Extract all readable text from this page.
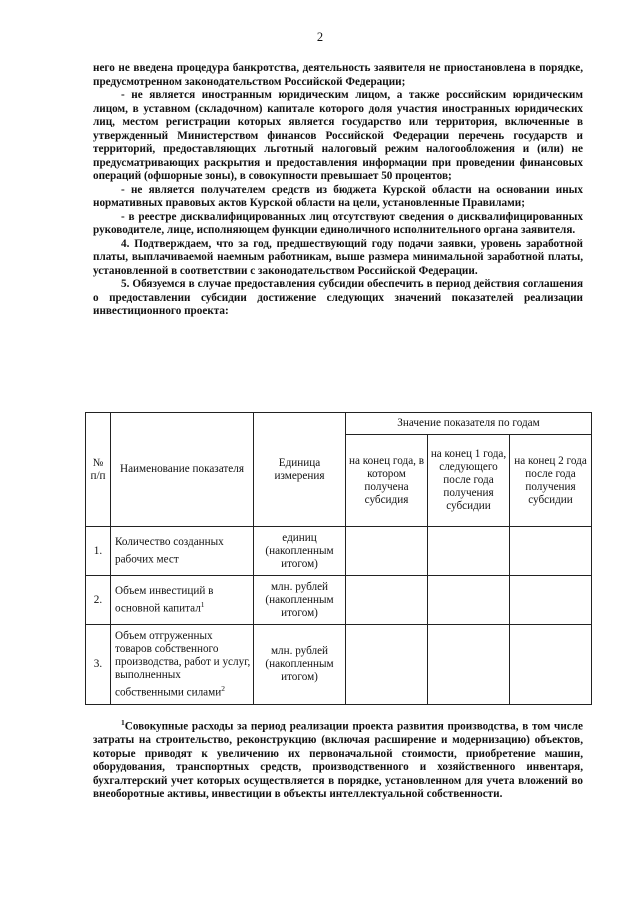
2

него не введена процедура банкротства, деятельность заявителя не приостановлена в порядке, предусмотренном законодательством Российской Федерации;

- не является иностранным юридическим лицом, а также российским юридическим лицом, в уставном (складочном) капитале которого доля участия иностранных юридических лиц, местом регистрации которых является государство или территория, включенные в утвержденный Министерством финансов Российской Федерации перечень государств и территорий, предоставляющих льготный налоговый режим налогообложения и (или) не предусматривающих раскрытия и предоставления информации при проведении финансовых операций (офшорные зоны), в совокупности превышает 50 процентов;

- не является получателем средств из бюджета Курской области на основании иных нормативных правовых актов Курской области на цели, установленные Правилами;

- в реестре дисквалифицированных лиц отсутствуют сведения о дисквалифицированных руководителе, лице, исполняющем функции единоличного исполнительного органа заявителя.

4. Подтверждаем, что за год, предшествующий году подачи заявки, уровень заработной платы, выплачиваемой наемным работникам, выше размера минимальной заработной платы, установленной в соответствии с законодательством Российской Федерации.

5. Обязуемся в случае предоставления субсидии обеспечить в период действия соглашения о предоставлении субсидии достижение следующих значений показателей реализации инвестиционного проекта:

№ п/п	Наименование показателя	Единица измерения	Значение показателя по годам		
			на конец года, в котором получена субсидия	на конец 1 года, следующего после года получения субсидии	на конец 2 года после года получения субсидии
1.	Количество созданных рабочих мест	единиц (накопленным итогом)			
2.	Объем инвестиций в основной капитал$^1$	млн. рублей (накопленным итогом)			
3.	Объем отгруженных товаров собственного производства, работ и услуг, выполненных собственными силами$^2$	млн. рублей (накопленным итогом)			

$^1$Совокупные расходы за период реализации проекта развития производства, в том числе затраты на строительство, реконструкцию (включая расширение и модернизацию) объектов, которые приводят к увеличению их первоначальной стоимости, приобретение машин, оборудования, транспортных средств, производственного и хозяйственного инвентаря, бухгалтерский учет которых осуществляется в порядке, установленном для учета вложений во внеоборотные активы, инвестиции в объекты интеллектуальной собственности.
